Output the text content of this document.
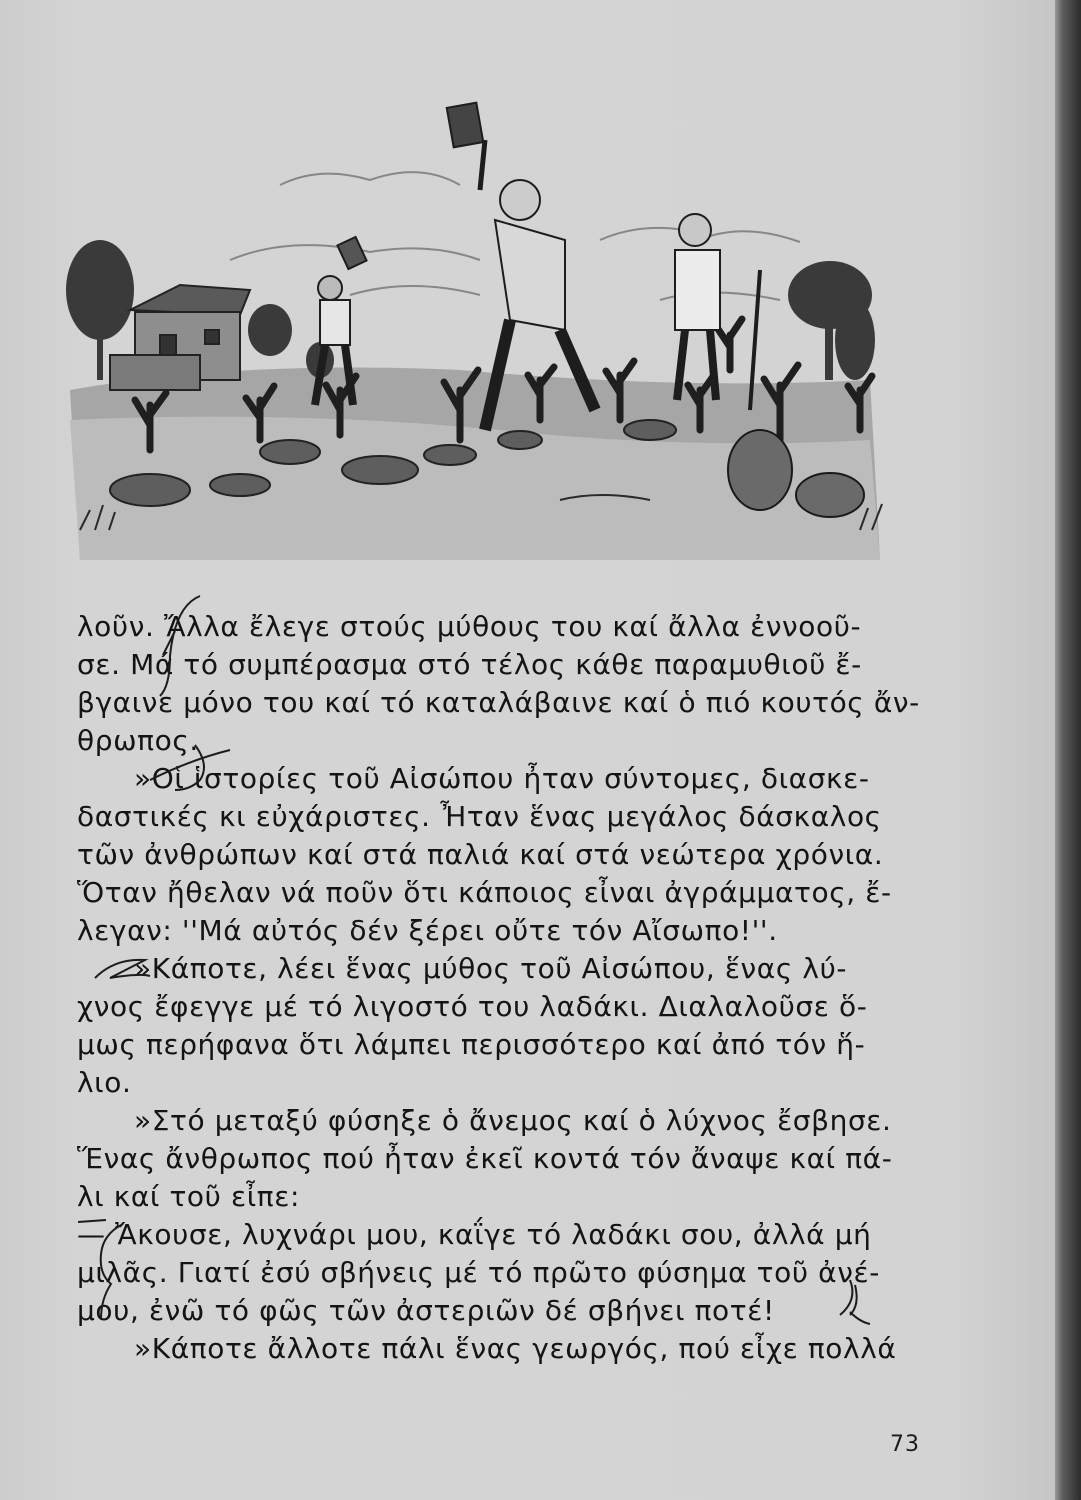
λοῦν. Ἄλλα ἔλεγε στούς μύθους του καί ἄλλα ἐννοοῦ-
σε. Μά τό συμπέρασμα στό τέλος κάθε παραμυθιοῦ ἔ-
βγαινε μόνο του καί τό καταλάβαινε καί ὁ πιό κουτός ἄν-
θρωπος.
»Οἱ ἱστορίες τοῦ Αἰσώπου ἦταν σύντομες, διασκε-
δαστικές κι εὐχάριστες. Ἦταν ἕνας μεγάλος δάσκαλος
τῶν ἀνθρώπων καί στά παλιά καί στά νεώτερα χρόνια.
Ὅταν ἤθελαν νά ποῦν ὅτι κάποιος εἶναι ἀγράμματος, ἔ-
λεγαν: ''Μά αὐτός δέν ξέρει οὔτε τόν Αἴσωπο!''.
»Κάποτε, λέει ἕνας μύθος τοῦ Αἰσώπου, ἕνας λύ-
χνος ἔφεγγε μέ τό λιγοστό του λαδάκι. Διαλαλοῦσε ὅ-
μως περήφανα ὅτι λάμπει περισσότερο καί ἀπό τόν ἥ-
λιο.
»Στό μεταξύ φύσηξε ὁ ἄνεμος καί ὁ λύχνος ἔσβησε.
Ἕνας ἄνθρωπος πού ἦταν ἐκεῖ κοντά τόν ἄναψε καί πά-
λι καί τοῦ εἶπε:
— Ἄκουσε, λυχνάρι μου, καΐγε τό λαδάκι σου, ἀλλά μή
μιλᾶς. Γιατί ἐσύ σβήνεις μέ τό πρῶτο φύσημα τοῦ ἀνέ-
μου, ἐνῶ τό φῶς τῶν ἀστεριῶν δέ σβήνει ποτέ!
»Κάποτε ἄλλοτε πάλι ἕνας γεωργός, πού εἶχε πολλά
73
